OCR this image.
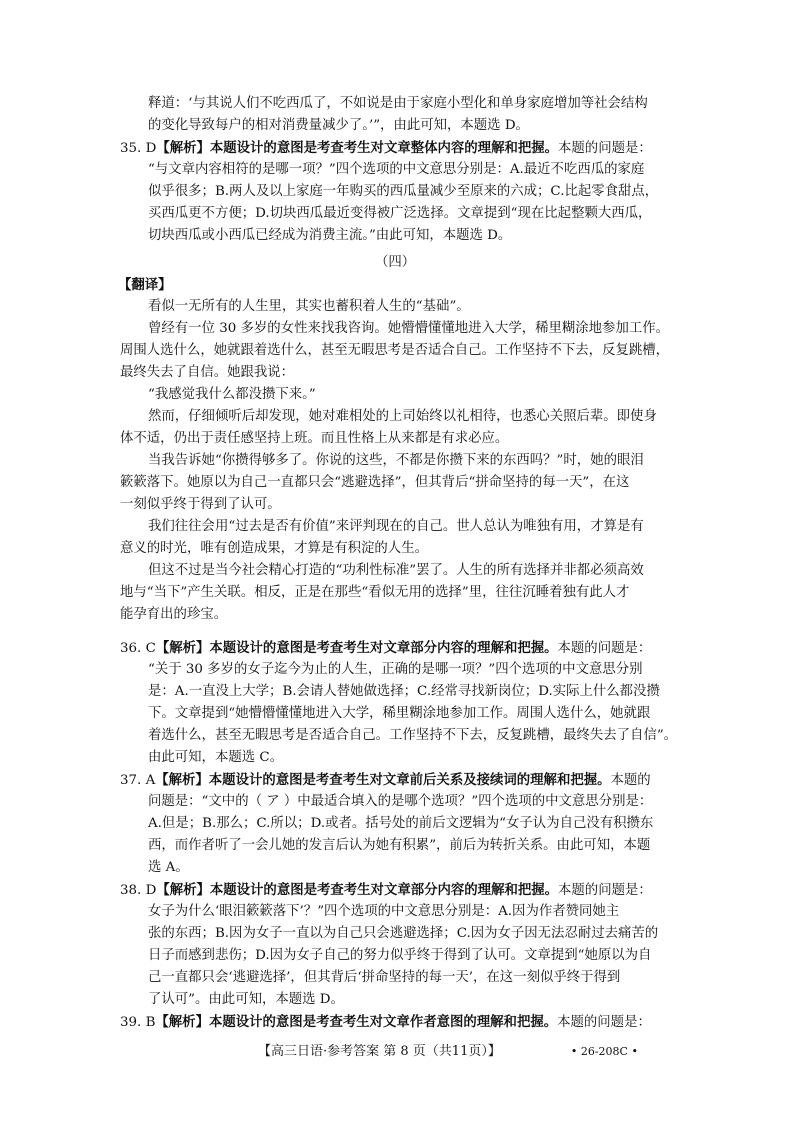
释道：‘与其说人们不吃西瓜了，不如说是由于家庭小型化和单身家庭增加等社会结构
的变化导致每户的相对消费量减少了。’”，由此可知，本题选 D。
35. D【解析】本题设计的意图是考查考生对文章整体内容的理解和把握。本题的问题是：
“与文章内容相符的是哪一项？”四个选项的中文意思分别是：A.最近不吃西瓜的家庭
似乎很多；B.两人及以上家庭一年购买的西瓜量减少至原来的六成；C.比起零食甜点，
买西瓜更不方便；D.切块西瓜最近变得被广泛选择。文章提到“现在比起整颗大西瓜，
切块西瓜或小西瓜已经成为消费主流。”由此可知，本题选 D。
（四）
【翻译】
看似一无所有的人生里，其实也蓄积着人生的“基础”。
曾经有一位 30 多岁的女性来找我咨询。她懵懵懂懂地进入大学，稀里糊涂地参加工作。
周围人选什么，她就跟着选什么，甚至无暇思考是否适合自己。工作坚持不下去，反复跳槽，
最终失去了自信。她跟我说：
“我感觉我什么都没攒下来。”
然而，仔细倾听后却发现，她对难相处的上司始终以礼相待，也悉心关照后辈。即使身
体不适，仍出于责任感坚持上班。而且性格上从来都是有求必应。
当我告诉她“你攒得够多了。你说的这些，不都是你攒下来的东西吗？”时，她的眼泪
簌簌落下。她原以为自己一直都只会“逃避选择”，但其背后“拼命坚持的每一天”，在这
一刻似乎终于得到了认可。
我们往往会用“过去是否有价值”来评判现在的自己。世人总认为唯独有用，才算是有
意义的时光，唯有创造成果，才算是有积淀的人生。
但这不过是当今社会精心打造的“功利性标准”罢了。人生的所有选择并非都必须高效
地与“当下”产生关联。相反，正是在那些“看似无用的选择”里，往往沉睡着独有此人才
能孕育出的珍宝。
36. C【解析】本题设计的意图是考查考生对文章部分内容的理解和把握。本题的问题是：
“关于 30 多岁的女子迄今为止的人生，正确的是哪一项？”四个选项的中文意思分别
是：A.一直没上大学；B.会请人替她做选择；C.经常寻找新岗位；D.实际上什么都没攒
下。文章提到“她懵懵懂懂地进入大学，稀里糊涂地参加工作。周围人选什么，她就跟
着选什么，甚至无暇思考是否适合自己。工作坚持不下去，反复跳槽，最终失去了自信”。
由此可知，本题选 C。
37. A【解析】本题设计的意图是考查考生对文章前后关系及接续词的理解和把握。本题的
问题是：“文中的（ ア ）中最适合填入的是哪个选项？”四个选项的中文意思分别是：
A.但是；B.那么；C.所以；D.或者。括号处的前后文逻辑为“女子认为自己没有积攒东
西，而作者听了一会儿她的发言后认为她有积累”，前后为转折关系。由此可知，本题
选 A。
38. D【解析】本题设计的意图是考查考生对文章部分内容的理解和把握。本题的问题是：
女子为什么‘眼泪簌簌落下’？”四个选项的中文意思分别是：A.因为作者赞同她主
张的东西；B.因为女子一直以为自己只会逃避选择；C.因为女子因无法忍耐过去痛苦的
日子而感到悲伤；D.因为女子自己的努力似乎终于得到了认可。文章提到“她原以为自
己一直都只会‘逃避选择’，但其背后‘拼命坚持的每一天’，在这一刻似乎终于得到
了认可”。由此可知，本题选 D。
39. B【解析】本题设计的意图是考查考生对文章作者意图的理解和把握。本题的问题是：
【高三日语·参考答案 第 8 页（共11页）】	• 26-208C •
